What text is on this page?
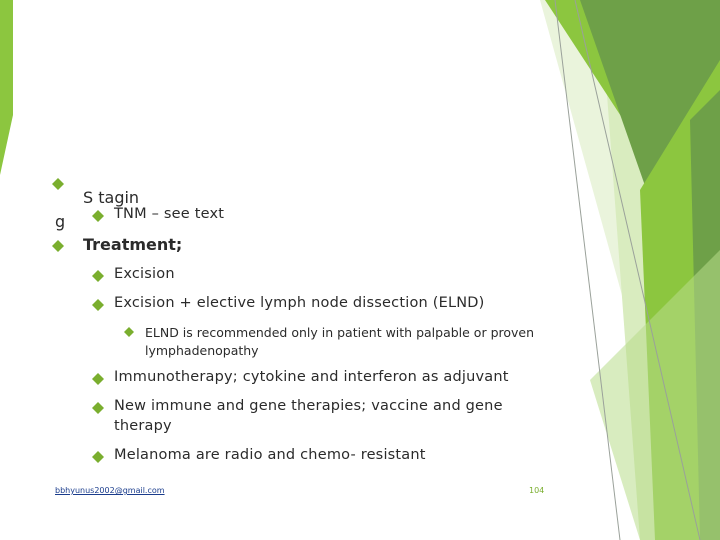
S tagin
g	TNM – see text
Treatment;
Excision
Excision + elective lymph node dissection (ELND)
ELND is recommended only in patient with palpable or proven lymphadenopathy
Immunotherapy; cytokine and interferon as adjuvant
New immune and gene therapies; vaccine and gene
therapy
Melanoma are radio and chemo- resistant
bbhyunus2002@gmail.com	104
